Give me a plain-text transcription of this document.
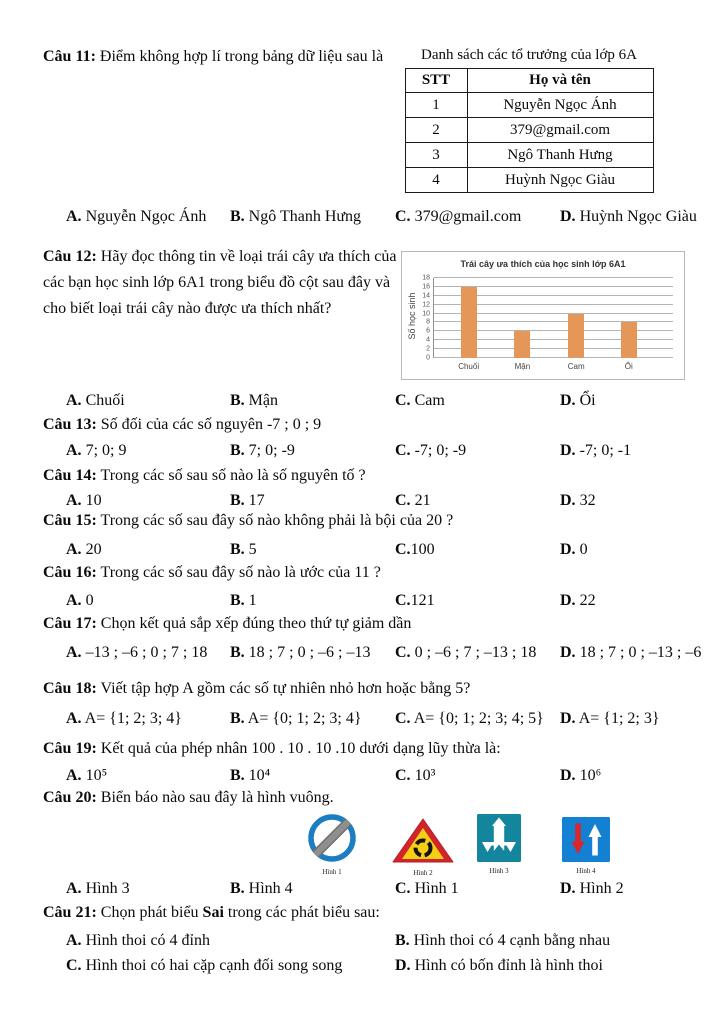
Câu 11: Điểm không hợp lí trong bảng dữ liệu sau là	Danh sách các tổ trưởng của lớp 6A
STT	Họ và tên
1	Nguyễn Ngọc Ánh
2	379@gmail.com
3	Ngô Thanh Hưng
4	Huỳnh Ngọc Giàu
A. Nguyễn Ngọc Ánh	B. Ngô Thanh Hưng	C. 379@gmail.com	D. Huỳnh Ngọc Giàu
Câu 12: Hãy đọc thông tin về loại trái cây ưa thích của các bạn học sinh lớp 6A1 trong biểu đồ cột sau đây và cho biết loại trái cây nào được ưa thích nhất?
Trái cây ưa thích của học sinh lớp 6A1
Số học sinh
0
2
4
6
8
10
12
14
16
18
Chuối	Mận	Cam	Ổi
A. Chuối	B. Mận	C. Cam	D. Ổi
Câu 13: Số đối của các số nguyên -7 ; 0 ; 9
A. 7; 0; 9	B. 7; 0; -9	C. -7; 0; -9	D. -7; 0; -1
Câu 14: Trong các số sau số nào là số nguyên tố ?
A. 10	B. 17	C. 21	D. 32
Câu 15: Trong các số sau đây số nào không phải là bội của 20 ?
A. 20	B. 5	C.100	D. 0
Câu 16: Trong các số sau đây số nào là ước của 11 ?
A. 0	B. 1	C.121	D. 22
Câu 17: Chọn kết quả sắp xếp đúng theo thứ tự giảm dần
A. –13 ; –6 ; 0 ; 7 ; 18	B. 18 ; 7 ; 0 ; –6 ; –13	C. 0 ; –6 ; 7 ; –13 ; 18	D. 18 ; 7 ; 0 ; –13 ; –6
Câu 18: Viết tập hợp A gồm các số tự nhiên nhỏ hơn hoặc bằng 5?
A. A= {1; 2; 3; 4}	B. A= {0; 1; 2; 3; 4}	C. A= {0; 1; 2; 3; 4; 5}	D. A= {1; 2; 3}
Câu 19: Kết quả của phép nhân 100 . 10 . 10 .10 dưới dạng lũy thừa là:
A. 10⁵	B. 10⁴	C. 10³	D. 10⁶
Câu 20: Biển báo nào sau đây là hình vuông.
Hình 1	Hình 2	Hình 3	Hình 4
A. Hình 3	B. Hình 4	C. Hình 1	D. Hình 2
Câu 21: Chọn phát biểu Sai trong các phát biểu sau:
A. Hình thoi có 4 đỉnh	B. Hình thoi có 4 cạnh bằng nhau
C. Hình thoi có hai cặp cạnh đối song song	D. Hình có bốn đỉnh là hình thoi
